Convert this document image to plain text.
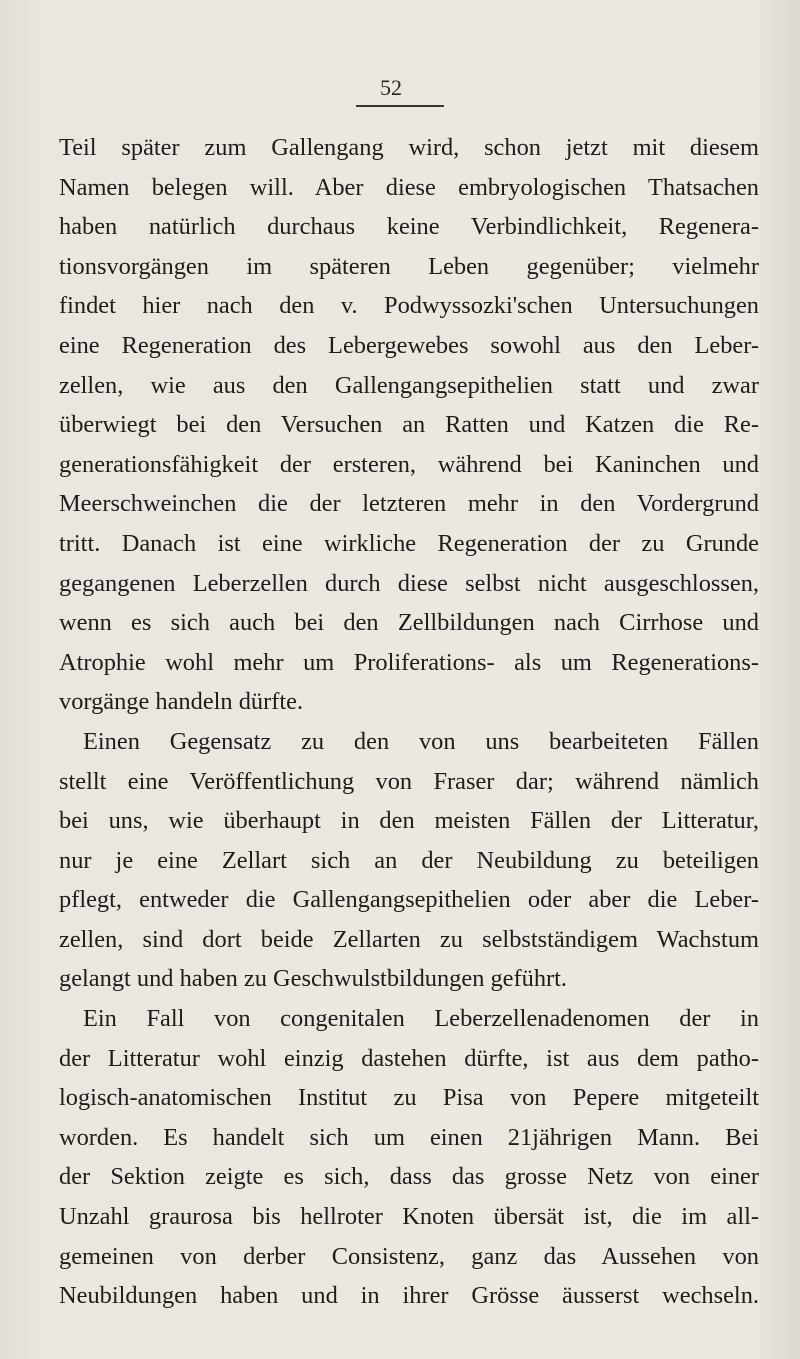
52
Teil später zum Gallengang wird, schon jetzt mit diesem
Namen belegen will. Aber diese embryologischen Thatsachen
haben natürlich durchaus keine Verbindlichkeit, Regenera-
tionsvorgängen im späteren Leben gegenüber; vielmehr
findet hier nach den v. Podwyssozki'schen Untersuchungen
eine Regeneration des Lebergewebes sowohl aus den Leber-
zellen, wie aus den Gallengangsepithelien statt und zwar
überwiegt bei den Versuchen an Ratten und Katzen die Re-
generationsfähigkeit der ersteren, während bei Kaninchen und
Meerschweinchen die der letzteren mehr in den Vordergrund
tritt. Danach ist eine wirkliche Regeneration der zu Grunde
gegangenen Leberzellen durch diese selbst nicht ausgeschlossen,
wenn es sich auch bei den Zellbildungen nach Cirrhose und
Atrophie wohl mehr um Proliferations- als um Regenerations-
vorgänge handeln dürfte.
Einen Gegensatz zu den von uns bearbeiteten Fällen
stellt eine Veröffentlichung von Fraser dar; während nämlich
bei uns, wie überhaupt in den meisten Fällen der Litteratur,
nur je eine Zellart sich an der Neubildung zu beteiligen
pflegt, entweder die Gallengangsepithelien oder aber die Leber-
zellen, sind dort beide Zellarten zu selbstständigem Wachstum
gelangt und haben zu Geschwulstbildungen geführt.
Ein Fall von congenitalen Leberzellenadenomen der in
der Litteratur wohl einzig dastehen dürfte, ist aus dem patho-
logisch-anatomischen Institut zu Pisa von Pepere mitgeteilt
worden. Es handelt sich um einen 21jährigen Mann. Bei
der Sektion zeigte es sich, dass das grosse Netz von einer
Unzahl graurosa bis hellroter Knoten übersät ist, die im all-
gemeinen von derber Consistenz, ganz das Aussehen von
Neubildungen haben und in ihrer Grösse äusserst wechseln.
